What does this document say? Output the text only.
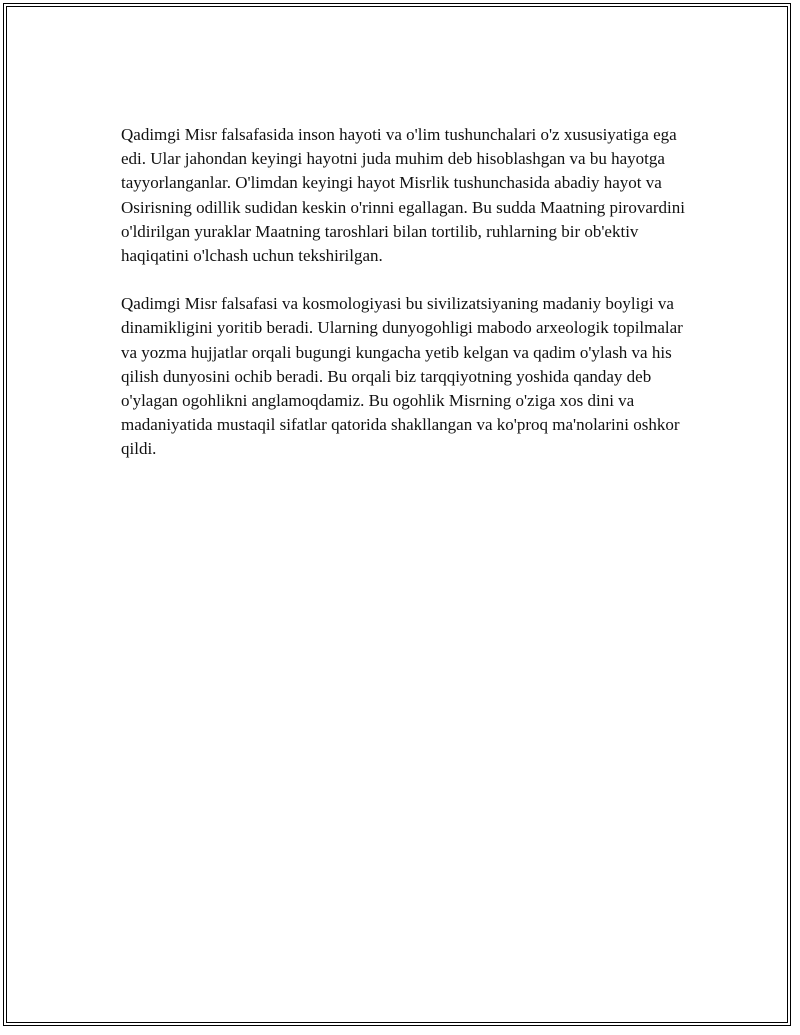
Qadimgi Misr falsafasida inson hayoti va o'lim tushunchalari o'z xususiyatiga ega edi. Ular jahondan keyingi hayotni juda muhim deb hisoblashgan va bu hayotga tayyorlanganlar. O'limdan keyingi hayot Misrlik tushunchasida abadiy hayot va Osirisning odillik sudidan keskin o'rinni egallagan. Bu sudda Maatning pirovardini o'ldirilgan yuraklar Maatning taroshlari bilan tortilib, ruhlarning bir ob'ektiv haqiqatini o'lchash uchun tekshirilgan.

Qadimgi Misr falsafasi va kosmologiyasi bu sivilizatsiyaning madaniy boyligi va dinamikligini yoritib beradi. Ularning dunyogohligi mabodo arxeologik topilmalar va yozma hujjatlar orqali bugungi kungacha yetib kelgan va qadim o'ylash va his qilish dunyosini ochib beradi. Bu orqali biz tarqqiyotning yoshida qanday deb o'ylagan ogohlikni anglamoqdamiz. Bu ogohlik Misrning o'ziga xos dini va madaniyatida mustaqil sifatlar qatorida shakllangan va ko'proq ma'nolarini oshkor qildi.
